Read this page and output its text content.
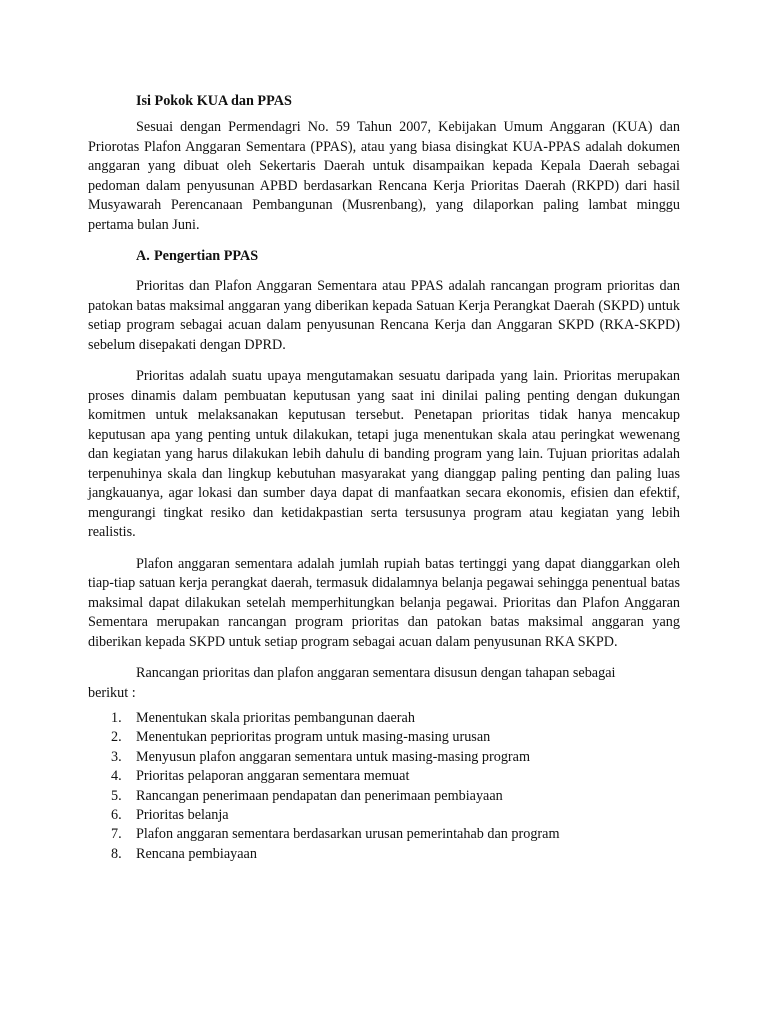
Isi Pokok KUA dan PPAS

Sesuai dengan Permendagri No. 59 Tahun 2007, Kebijakan Umum Anggaran (KUA) dan Priorotas Plafon Anggaran Sementara (PPAS), atau yang biasa disingkat KUA-PPAS adalah dokumen anggaran yang dibuat oleh Sekertaris Daerah untuk disampaikan kepada Kepala Daerah sebagai pedoman dalam penyusunan APBD berdasarkan Rencana Kerja Prioritas Daerah (RKPD) dari hasil Musyawarah Perencanaan Pembangunan (Musrenbang), yang dilaporkan paling lambat minggu pertama bulan Juni.

A. Pengertian PPAS

Prioritas dan Plafon Anggaran Sementara atau PPAS adalah rancangan program prioritas dan patokan batas maksimal anggaran yang diberikan kepada Satuan Kerja Perangkat Daerah (SKPD) untuk setiap program sebagai acuan dalam penyusunan Rencana Kerja dan Anggaran SKPD (RKA-SKPD) sebelum disepakati dengan DPRD.

Prioritas adalah suatu upaya mengutamakan sesuatu daripada yang lain. Prioritas merupakan proses dinamis dalam pembuatan keputusan yang saat ini dinilai paling penting dengan dukungan komitmen untuk melaksanakan keputusan tersebut. Penetapan prioritas tidak hanya mencakup keputusan apa yang penting untuk dilakukan, tetapi juga menentukan skala atau peringkat wewenang dan kegiatan yang harus dilakukan lebih dahulu di banding program yang lain. Tujuan prioritas adalah terpenuhinya skala dan lingkup kebutuhan masyarakat yang dianggap paling penting dan paling luas jangkauanya, agar lokasi dan sumber daya dapat di manfaatkan secara ekonomis, efisien dan efektif, mengurangi tingkat resiko dan ketidakpastian serta tersusunya program atau kegiatan yang lebih realistis.

Plafon anggaran sementara adalah jumlah rupiah batas tertinggi yang dapat dianggarkan oleh tiap-tiap satuan kerja perangkat daerah, termasuk didalamnya belanja pegawai sehingga penentual batas maksimal dapat dilakukan setelah memperhitungkan belanja pegawai. Prioritas dan Plafon Anggaran Sementara merupakan rancangan program prioritas dan patokan batas maksimal anggaran yang diberikan kepada SKPD untuk setiap program sebagai acuan dalam penyusunan RKA SKPD.

Rancangan prioritas dan plafon anggaran sementara disusun dengan tahapan sebagai
berikut :

1. Menentukan skala prioritas pembangunan daerah
2. Menentukan peprioritas program untuk masing-masing urusan
3. Menyusun plafon anggaran sementara untuk masing-masing program
4. Prioritas pelaporan anggaran sementara memuat
5. Rancangan penerimaan pendapatan dan penerimaan pembiayaan
6. Prioritas belanja
7. Plafon anggaran sementara berdasarkan urusan pemerintahab dan program
8. Rencana pembiayaan
